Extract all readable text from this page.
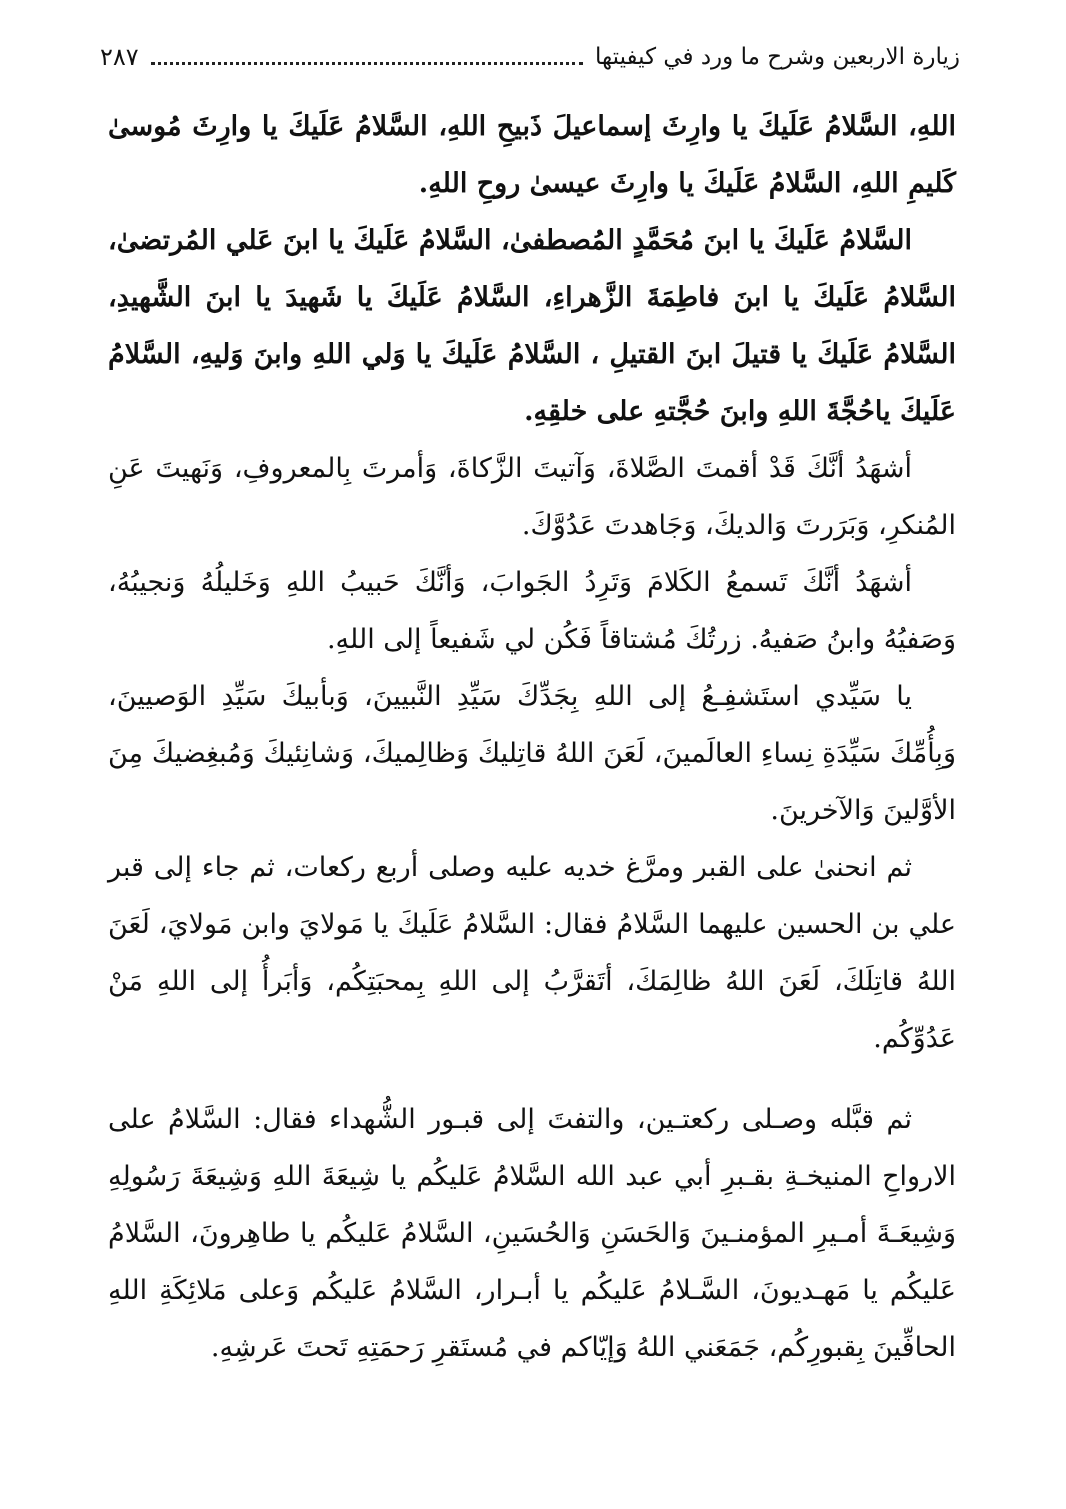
زيارة الاربعين وشرح ما ورد في كيفيتها
٢٨٧

اللهِ، السَّلامُ عَلَيكَ يا وارِثَ إسماعيلَ ذَبيحِ اللهِ، السَّلامُ عَلَيكَ يا وارِثَ مُوسىٰ كَليمِ اللهِ، السَّلامُ عَلَيكَ يا وارِثَ عيسىٰ روحِ اللهِ.

السَّلامُ عَلَيكَ يا ابنَ مُحَمَّدٍ المُصطفىٰ، السَّلامُ عَلَيكَ يا ابنَ عَلي المُرتضىٰ، السَّلامُ عَلَيكَ يا ابنَ فاطِمَةَ الزَّهراءِ، السَّلامُ عَلَيكَ يا شَهيدَ يا ابنَ الشَّهيدِ، السَّلامُ عَلَيكَ يا قتيلَ ابنَ القتيلِ ، السَّلامُ عَلَيكَ يا وَلي اللهِ وابنَ وَليهِ، السَّلامُ عَلَيكَ ياحُجَّةَ اللهِ وابنَ حُجَّتهِ على خلقِهِ.

أشهَدُ أنَّكَ قَدْ أقمتَ الصَّلاةَ، وَآتيتَ الزَّكاةَ، وَأمرتَ بِالمعروفِ، وَنَهيتَ عَنِ المُنكرِ، وَبَرَرتَ وَالديكَ، وَجَاهدتَ عَدُوَّكَ.

أشهَدُ أنَّكَ تَسمعُ الكَلامَ وَتَرِدُ الجَوابَ، وَأنَّكَ حَبيبُ اللهِ وَخَليلُهُ وَنجيبُهُ، وَصَفيُهُ وابنُ صَفيهُ. زرتُكَ مُشتاقاً فَكُن لي شَفيعاً إلى اللهِ.

يا سَيِّدي استَشفِـعُ إلى اللهِ بِجَدِّكَ سَيِّدِ النَّبيينَ، وَبأبيكَ سَيِّدِ الوَصيينَ، وَبِأُمِّكَ سَيِّدَةِ نِساءِ العالَمينَ، لَعَنَ اللهُ قاتِليكَ وَظالِميكَ، وَشانِئيكَ وَمُبغِضيكَ مِنَ الأوَّلينَ وَالآخرينَ.

ثم انحنىٰ على القبر ومرَّغ خديه عليه وصلى أربع ركعات، ثم جاء إلى قبر علي بن الحسين عليهما السَّلامُ فقال: السَّلامُ عَلَيكَ يا مَولايَ وابن مَولايَ، لَعَنَ اللهُ قاتِلَكَ، لَعَنَ اللهُ ظالِمَكَ، أتَقرَّبُ إلى اللهِ بِمحبَتِكُم، وَأبَرأُ إلى اللهِ مَنْ عَدُوِّكُم.

ثم قبَّله وصـلى ركعتـين، والتفتَ إلى قبـور الشُّهداء فقال: السَّلامُ على الارواحِ المنيخـةِ بقـبرِ أبي عبد الله السَّلامُ عَليكُم يا شِيعَةَ اللهِ وَشِيعَةَ رَسُولِهِ وَشِيعَـةَ أمـيرِ المؤمنـينَ وَالحَسَنِ وَالحُسَينِ، السَّلامُ عَليكُم يا طاهِرونَ، السَّلامُ عَليكُم يا مَهـديونَ، السَّـلامُ عَليكُم يا أبـرار، السَّلامُ عَليكُم وَعلى مَلائِكَةِ اللهِ الحافِّينَ بِقبورِكُم، جَمَعَني اللهُ وَإيّاكم في مُستَقرِ رَحمَتِهِ تَحتَ عَرشِهِ.
